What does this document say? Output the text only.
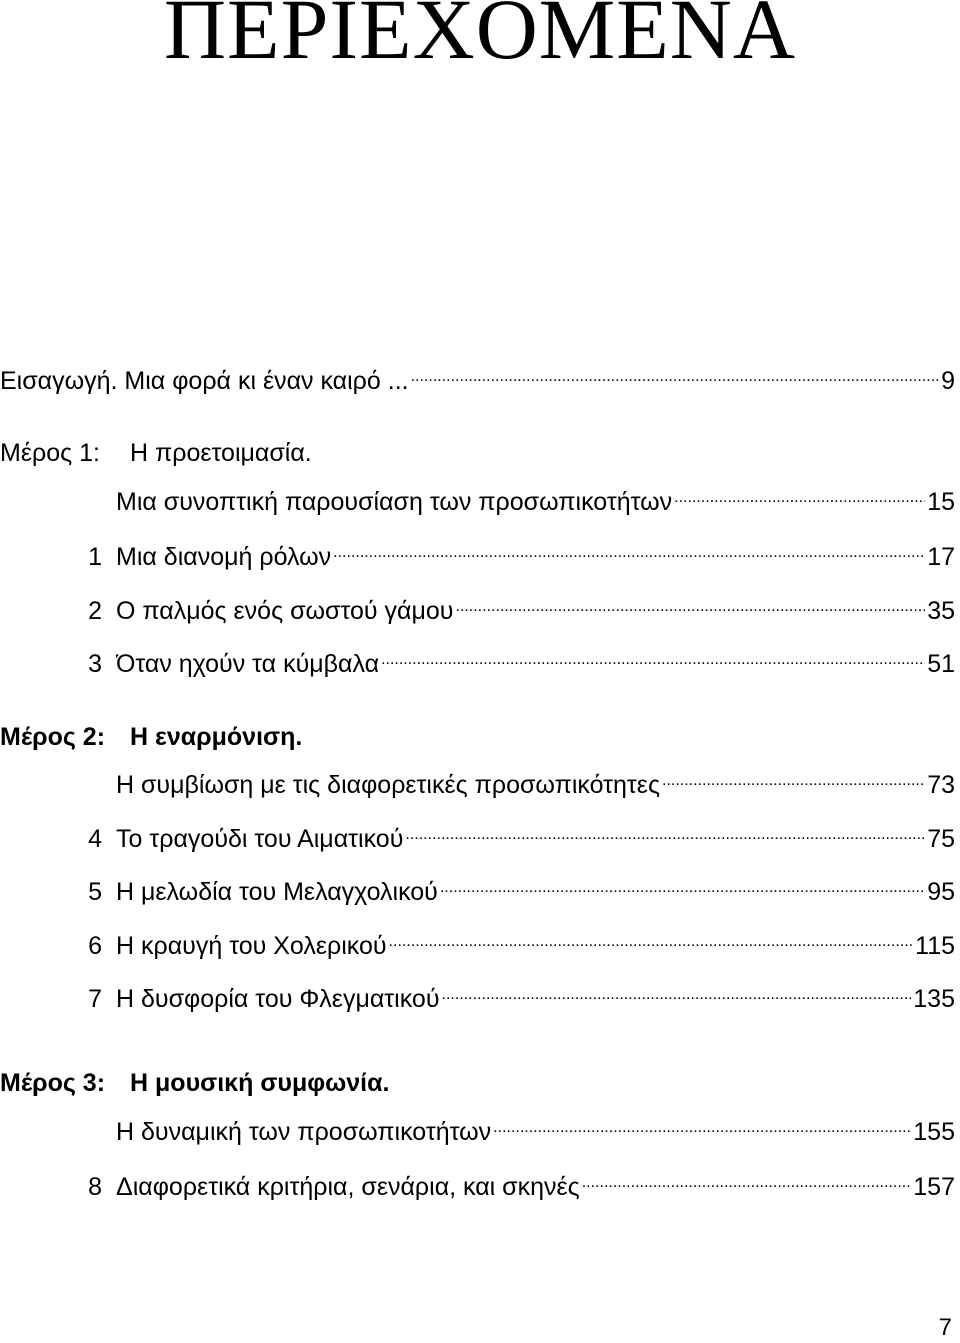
ΠΕΡΙΕΧΟΜΕΝΑ
Εισαγωγή. Μια φορά κι έναν καιρό ... .....	9
Μέρος 1:	Η προετοιμασία.
Μια συνοπτική παρουσίαση των προσωπικοτήτων .....	15
1 Μια διανομή ρόλων .....	17
2 Ο παλμός ενός σωστού γάμου .....	35
3 Όταν ηχούν τα κύμβαλα .....	51
Μέρος 2: Η εναρμόνιση.
Η συμβίωση με τις διαφορετικές προσωπικότητες .....	73
4 Το τραγούδι του Αιματικού .....	75
5 Η μελωδία του Μελαγχολικού .....	95
6 Η κραυγή του Χολερικού .....	115
7 Η δυσφορία του Φλεγματικού .....	135
Μέρος 3: Η μουσική συμφωνία.
Η δυναμική των προσωπικοτήτων .....	155
8 Διαφορετικά κριτήρια, σενάρια, και σκηνές .....	157
7
